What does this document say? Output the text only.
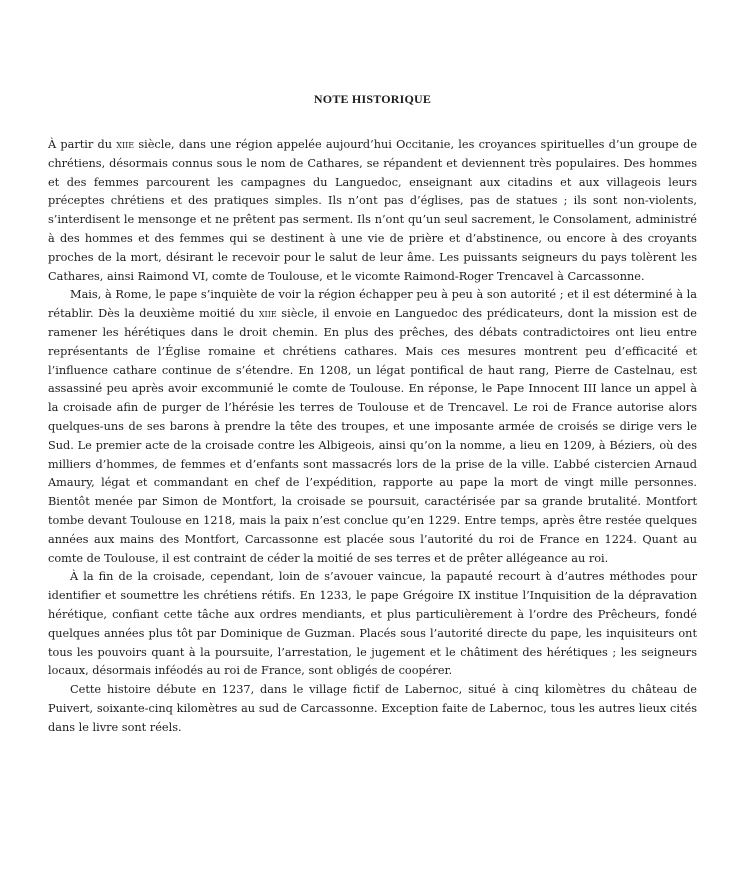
NOTE HISTORIQUE

À partir du xiie siècle, dans une région appelée aujourd’hui Occitanie, les croyances spirituelles d’un groupe de chrétiens, désormais connus sous le nom de Cathares, se répandent et deviennent très populaires. Des hommes et des femmes parcourent les campagnes du Languedoc, enseignant aux citadins et aux villageois leurs préceptes chrétiens et des pratiques simples. Ils n’ont pas d’églises, pas de statues ; ils sont non-violents, s’interdisent le mensonge et ne prêtent pas serment. Ils n’ont qu’un seul sacrement, le Consolament, administré à des hommes et des femmes qui se destinent à une vie de prière et d’abstinence, ou encore à des croyants proches de la mort, désirant le recevoir pour le salut de leur âme. Les puissants seigneurs du pays tolèrent les Cathares, ainsi Raimond VI, comte de Toulouse, et le vicomte Raimond-Roger Trencavel à Carcassonne.

Mais, à Rome, le pape s’inquiète de voir la région échapper peu à peu à son autorité ; et il est déterminé à la rétablir. Dès la deuxième moitié du xiie siècle, il envoie en Languedoc des prédicateurs, dont la mission est de ramener les hérétiques dans le droit chemin. En plus des prêches, des débats contradictoires ont lieu entre représentants de l’Église romaine et chrétiens cathares. Mais ces mesures montrent peu d’efficacité et l’influence cathare continue de s’étendre. En 1208, un légat pontifical de haut rang, Pierre de Castelnau, est assassiné peu après avoir excommunié le comte de Toulouse. En réponse, le Pape Innocent III lance un appel à la croisade afin de purger de l’hérésie les terres de Toulouse et de Trencavel. Le roi de France autorise alors quelques-uns de ses barons à prendre la tête des troupes, et une imposante armée de croisés se dirige vers le Sud. Le premier acte de la croisade contre les Albigeois, ainsi qu’on la nomme, a lieu en 1209, à Béziers, où des milliers d’hommes, de femmes et d’enfants sont massacrés lors de la prise de la ville. L’abbé cistercien Arnaud Amaury, légat et commandant en chef de l’expédition, rapporte au pape la mort de vingt mille personnes. Bientôt menée par Simon de Montfort, la croisade se poursuit, caractérisée par sa grande brutalité. Montfort tombe devant Toulouse en 1218, mais la paix n’est conclue qu’en 1229. Entre temps, après être restée quelques années aux mains des Montfort, Carcassonne est placée sous l’autorité du roi de France en 1224. Quant au comte de Toulouse, il est contraint de céder la moitié de ses terres et de prêter allégeance au roi.

À la fin de la croisade, cependant, loin de s’avouer vaincue, la papauté recourt à d’autres méthodes pour identifier et soumettre les chrétiens rétifs. En 1233, le pape Grégoire IX institue l’Inquisition de la dépravation hérétique, confiant cette tâche aux ordres mendiants, et plus particulièrement à l’ordre des Prêcheurs, fondé quelques années plus tôt par Dominique de Guzman. Placés sous l’autorité directe du pape, les inquisiteurs ont tous les pouvoirs quant à la poursuite, l’arrestation, le jugement et le châtiment des hérétiques ; les seigneurs locaux, désormais inféodés au roi de France, sont obligés de coopérer.

Cette histoire débute en 1237, dans le village fictif de Labernoc, situé à cinq kilomètres du château de Puivert, soixante-cinq kilomètres au sud de Carcassonne. Exception faite de Labernoc, tous les autres lieux cités dans le livre sont réels.
